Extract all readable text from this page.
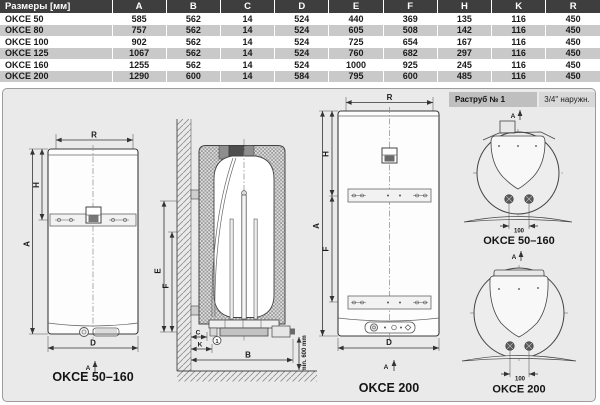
Размеры [мм]	A	B	C	D	E	F	H	K	R
OKCE 50	585	562	14	524	440	369	135	116	450
OKCE 80	757	562	14	524	605	508	142	116	450
OKCE 100	902	562	14	524	725	654	167	116	450
OKCE 125	1067	562	14	524	760	682	297	116	450
OKCE 160	1255	562	14	524	1000	925	245	116	450
OKCE 200	1290	600	14	584	795	600	485	116	450
R
A
H
D
A
OKCE 50–160
E
F
1
C
K
B	min. 600 mm
R
A
H
F
D
A
OKCE 200
A
100
OKCE 50–160
A
100
OKCE 200
Раструб № 1	3/4" наружн.
